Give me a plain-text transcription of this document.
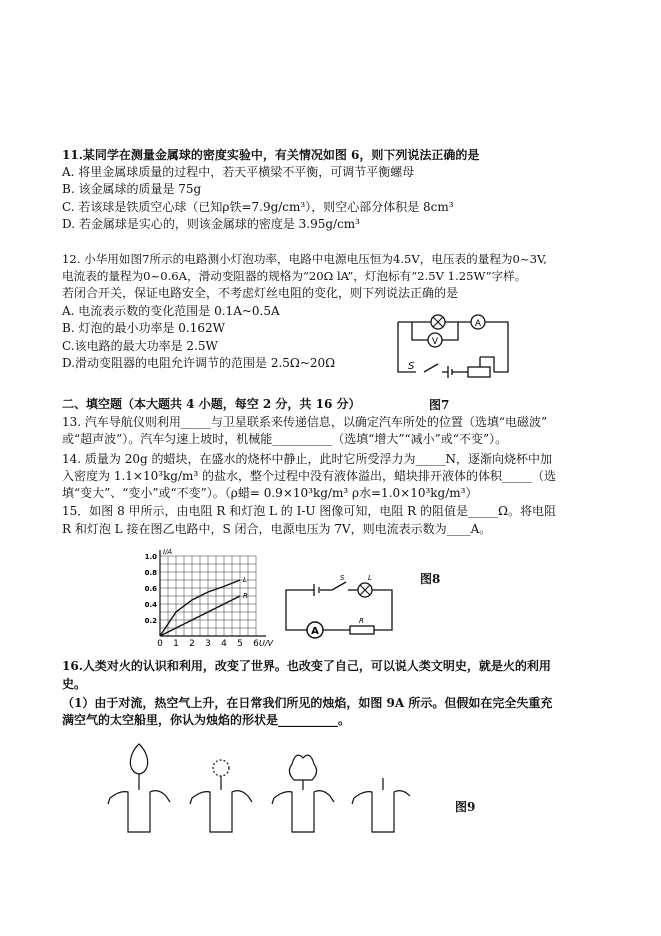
11.某同学在测量金属球的密度实验中，有关情况如图 6，则下列说法正确的是
A. 将里金属球质量的过程中，若天平横梁不平衡，可调节平衡螺母
B. 该金属球的质量是 75g
C. 若该球是铁质空心球（已知ρ铁=7.9g/cm³），则空心部分体积是 8cm³
D. 若金属球是实心的，则该金属球的密度是 3.95g/cm³
12. 小华用如图7所示的电路测小灯泡功率，电路中电源电压恒为4.5V，电压表的量程为0~3V,
电流表的量程为0~0.6A，滑动变阻器的规格为“20Ω lA”，灯泡标有“2.5V 1.25W”字样。
若闭合开关，保证电路安全，不考虑灯丝电阻的变化，则下列说法正确的是
A. 电流表示数的变化范围是 0.1A~0.5A
B. 灯泡的最小功率是 0.162W
C.该电路的最大功率是 2.5W
D.滑动变阻器的电阻允许调节的范围是 2.5Ω~20Ω
A
V
S
二、填空题（本大题共 4 小题，每空 2 分，共 16 分）	图7
13. 汽车导航仪则利用_____与卫星联系来传递信息，以确定汽车所处的位置（选填“电磁波”
或“超声波”）。汽车匀速上坡时，机械能__________（选填“增大”“减小”或“不变”）。
14. 质量为 20g 的蜡块，在盛水的烧杯中静止，此时它所受浮力为_____N，逐渐向烧杯中加
入密度为 1.1×10³kg/m³ 的盐水，整个过程中没有液体溢出，蜡块排开液体的体积_____（选
填“变大”、“变小”或“不变”）。（ρ蜡= 0.9×10³kg/m³ ρ水=1.0×10³kg/m³）
15．如图 8 甲所示，由电阻 R 和灯泡 L 的 I-U 图像可知，电阻 R 的阻值是_____Ω。将电阻
R 和灯泡 L 接在图乙电路中，S 闭合，电源电压为 7V，则电流表示数为____A。
0 1 2 3 4 5 6
0.2
0.4
0.6
0.8
1.0
U/V
I/A
L
R
A
S	L
R
图8
16.人类对火的认识和利用，改变了世界。也改变了自己，可以说人类文明史，就是火的利用
史。
（1）由于对流，热空气上升，在日常我们所见的烛焰，如图 9A 所示。但假如在完全失重充
满空气的太空船里，你认为烛焰的形状是__________。
图9
